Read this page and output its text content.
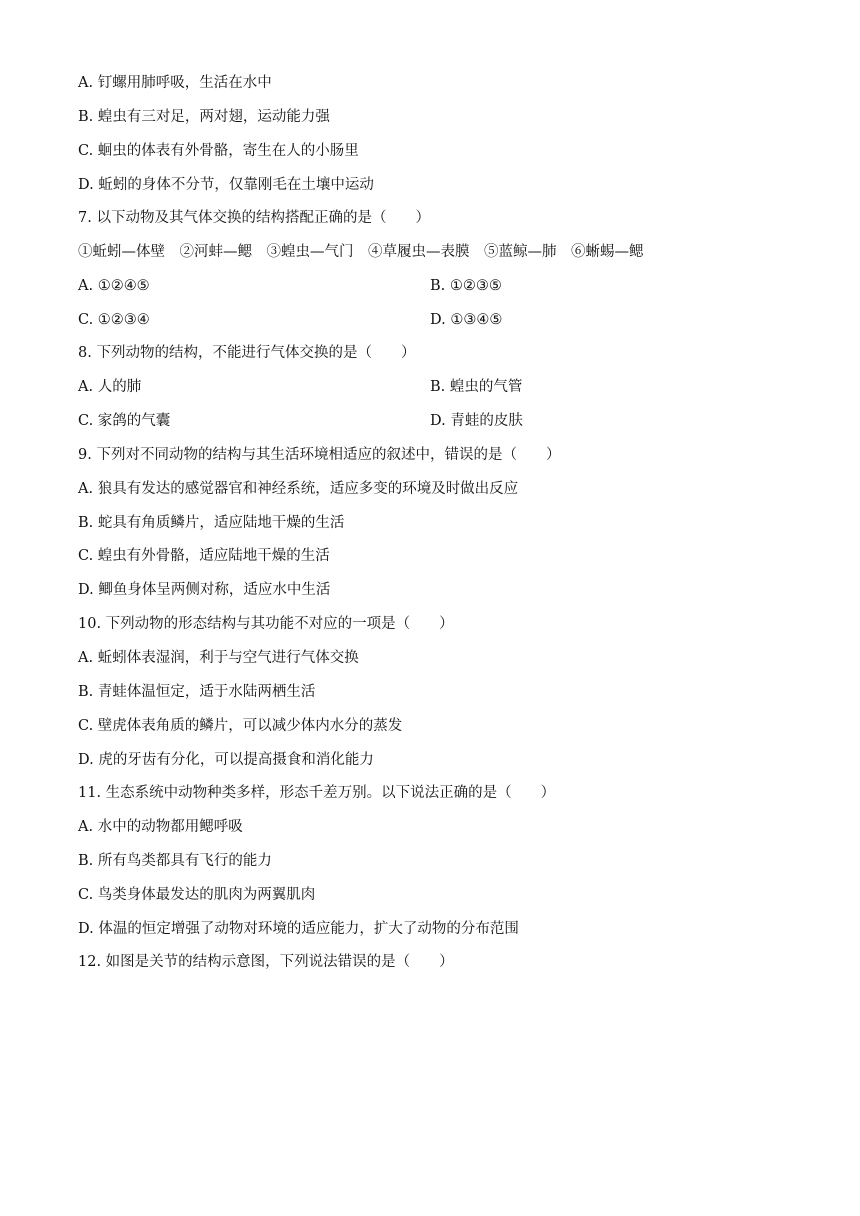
A. 钉螺用肺呼吸，生活在水中
B. 蝗虫有三对足，两对翅，运动能力强
C. 蛔虫的体表有外骨骼，寄生在人的小肠里
D. 蚯蚓的身体不分节，仅靠刚毛在土壤中运动
7. 以下动物及其气体交换的结构搭配正确的是（　　）
①蚯蚓—体壁　②河蚌—鳃　③蝗虫—气门　④草履虫—表膜　⑤蓝鲸—肺　⑥蜥蜴—鳃
A. ①②④⑤	B. ①②③⑤
C. ①②③④	D. ①③④⑤
8. 下列动物的结构，不能进行气体交换的是（　　）
A. 人的肺	B. 蝗虫的气管
C. 家鸽的气囊	D. 青蛙的皮肤
9. 下列对不同动物的结构与其生活环境相适应的叙述中，错误的是（　　）
A. 狼具有发达的感觉器官和神经系统，适应多变的环境及时做出反应
B. 蛇具有角质鳞片，适应陆地干燥的生活
C. 蝗虫有外骨骼，适应陆地干燥的生活
D. 鲫鱼身体呈两侧对称，适应水中生活
10. 下列动物的形态结构与其功能不对应的一项是（　　）
A. 蚯蚓体表湿润，利于与空气进行气体交换
B. 青蛙体温恒定，适于水陆两栖生活
C. 壁虎体表角质的鳞片，可以减少体内水分的蒸发
D. 虎的牙齿有分化，可以提高摄食和消化能力
11. 生态系统中动物种类多样，形态千差万别。以下说法正确的是（　　）
A. 水中的动物都用鳃呼吸
B. 所有鸟类都具有飞行的能力
C. 鸟类身体最发达的肌肉为两翼肌肉
D. 体温的恒定增强了动物对环境的适应能力，扩大了动物的分布范围
12. 如图是关节的结构示意图，下列说法错误的是（　　）
